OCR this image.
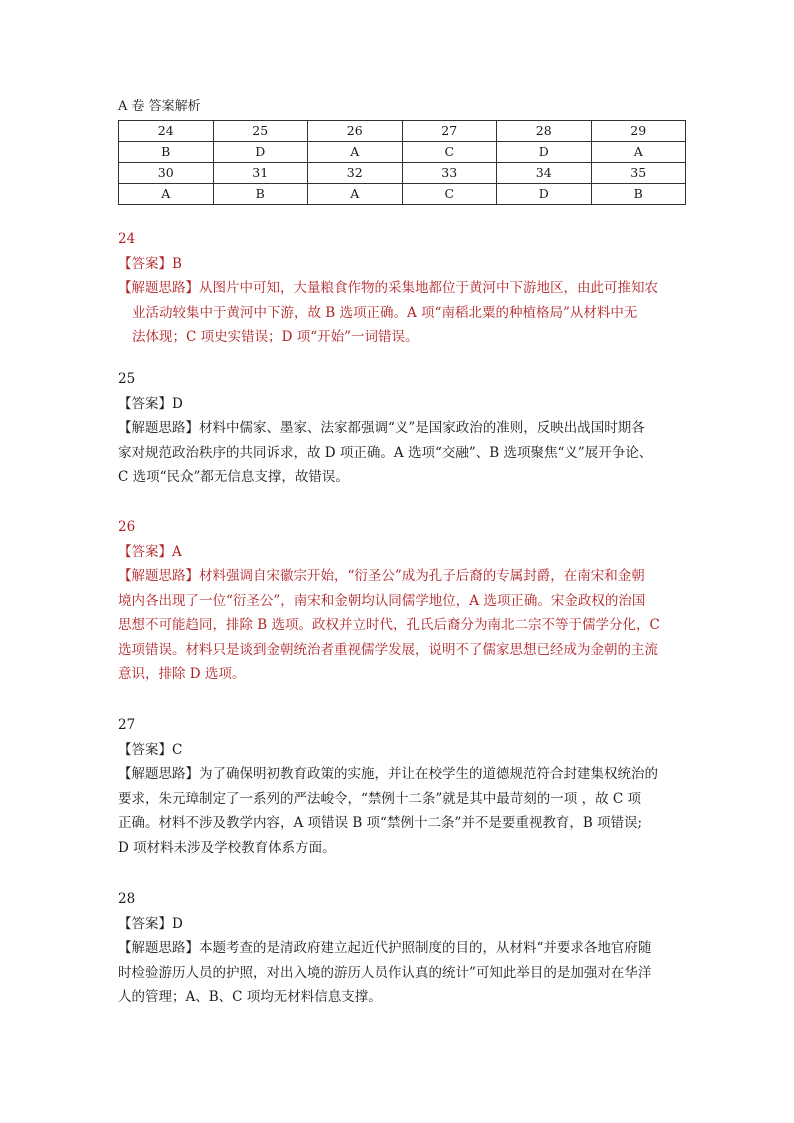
A 卷 答案解析
24	25	26	27	28	29
B	D	A	C	D	A
30	31	32	33	34	35
A	B	A	C	D	B
24
【答案】B
【解题思路】从图片中可知，大量粮食作物的采集地都位于黄河中下游地区，由此可推知农
业活动较集中于黄河中下游，故 B 选项正确。A 项“南稻北粟的种植格局”从材料中无
法体现；C 项史实错误；D 项“开始”一词错误。
25
【答案】D
【解题思路】材料中儒家、墨家、法家都强调“义”是国家政治的准则，反映出战国时期各
家对规范政治秩序的共同诉求，故 D 项正确。A 选项“交融”、B 选项聚焦“义”展开争论、
C 选项“民众”都无信息支撑，故错误。
26
【答案】A
【解题思路】材料强调自宋徽宗开始，“衍圣公”成为孔子后裔的专属封爵，在南宋和金朝
境内各出现了一位“衍圣公”，南宋和金朝均认同儒学地位，A 选项正确。宋金政权的治国
思想不可能趋同，排除 B 选项。政权并立时代，孔氏后裔分为南北二宗不等于儒学分化，C
选项错误。材料只是谈到金朝统治者重视儒学发展，说明不了儒家思想已经成为金朝的主流
意识，排除 D 选项。
27
【答案】C
【解题思路】为了确保明初教育政策的实施，并让在校学生的道德规范符合封建集权统治的
要求，朱元璋制定了一系列的严法峻令，“禁例十二条”就是其中最苛刻的一项 ，故 C 项
正确。材料不涉及教学内容，A 项错误 B 项“禁例十二条”并不是要重视教育，B 项错误;
D 项材料未涉及学校教育体系方面。
28
【答案】D
【解题思路】本题考查的是清政府建立起近代护照制度的目的，从材料“并要求各地官府随
时检验游历人员的护照，对出入境的游历人员作认真的统计”可知此举目的是加强对在华洋
人的管理；A、B、C 项均无材料信息支撑。
